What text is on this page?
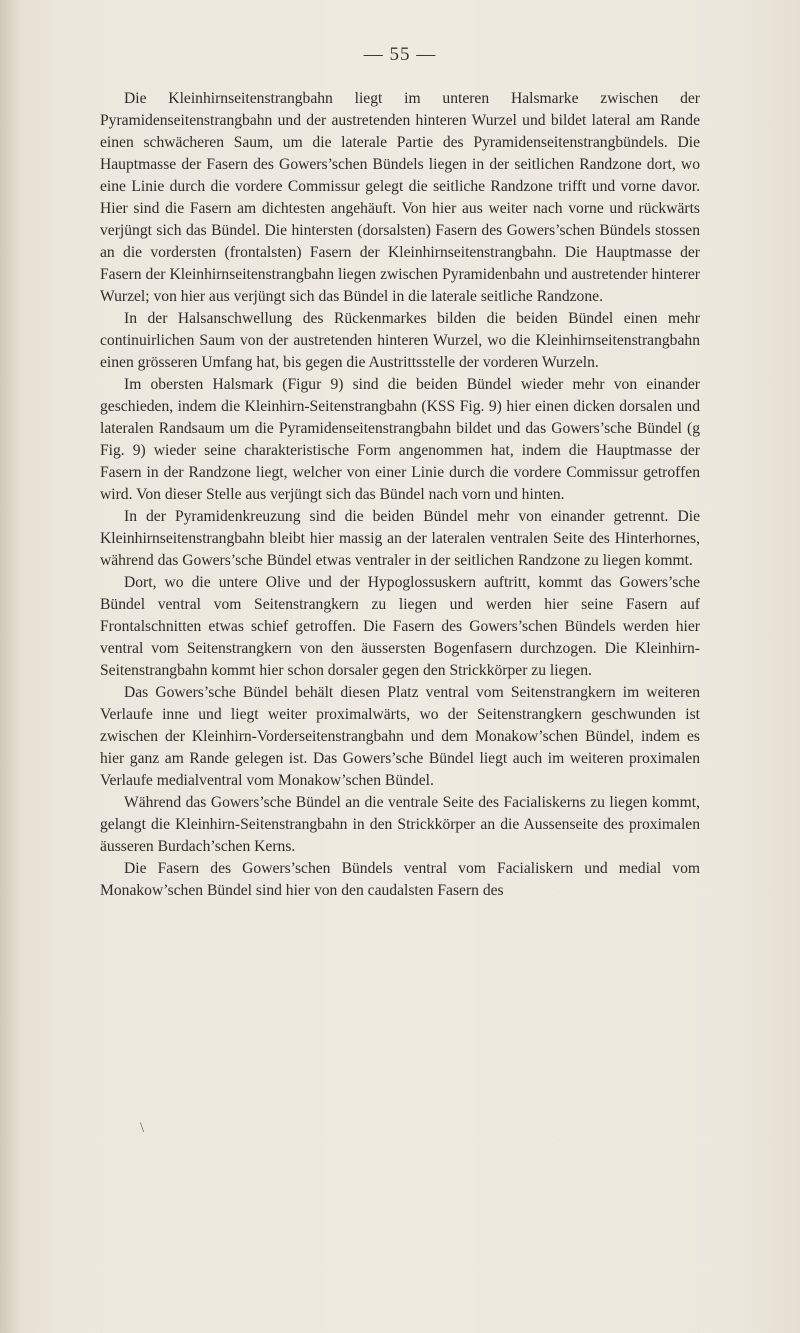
— 55 —

Die Kleinhirnseitenstrangbahn liegt im unteren Halsmarke zwischen der Pyramidenseitenstrangbahn und der austretenden hinteren Wurzel und bildet lateral am Rande einen schwächeren Saum, um die laterale Partie des Pyramidenseitenstrangbündels. Die Hauptmasse der Fasern des Gowers’schen Bündels liegen in der seitlichen Randzone dort, wo eine Linie durch die vordere Commissur gelegt die seitliche Randzone trifft und vorne davor. Hier sind die Fasern am dichtesten angehäuft. Von hier aus weiter nach vorne und rückwärts verjüngt sich das Bündel. Die hintersten (dorsalsten) Fasern des Gowers’schen Bündels stossen an die vordersten (frontalsten) Fasern der Kleinhirnseitenstrangbahn. Die Hauptmasse der Fasern der Kleinhirnseitenstrangbahn liegen zwischen Pyramidenbahn und austretender hinterer Wurzel; von hier aus verjüngt sich das Bündel in die laterale seitliche Randzone.

In der Halsanschwellung des Rückenmarkes bilden die beiden Bündel einen mehr continuirlichen Saum von der austretenden hinteren Wurzel, wo die Kleinhirnseitenstrangbahn einen grösseren Umfang hat, bis gegen die Austrittsstelle der vorderen Wurzeln.

Im obersten Halsmark (Figur 9) sind die beiden Bündel wieder mehr von einander geschieden, indem die Kleinhirn-Seitenstrangbahn (KSS Fig. 9) hier einen dicken dorsalen und lateralen Randsaum um die Pyramidenseitenstrangbahn bildet und das Gowers’sche Bündel (g Fig. 9) wieder seine charakteristische Form angenommen hat, indem die Hauptmasse der Fasern in der Randzone liegt, welcher von einer Linie durch die vordere Commissur getroffen wird. Von dieser Stelle aus verjüngt sich das Bündel nach vorn und hinten.

In der Pyramidenkreuzung sind die beiden Bündel mehr von einander getrennt. Die Kleinhirnseitenstrangbahn bleibt hier massig an der lateralen ventralen Seite des Hinterhornes, während das Gowers’sche Bündel etwas ventraler in der seitlichen Randzone zu liegen kommt.

Dort, wo die untere Olive und der Hypoglossuskern auftritt, kommt das Gowers’sche Bündel ventral vom Seitenstrangkern zu liegen und werden hier seine Fasern auf Frontalschnitten etwas schief getroffen. Die Fasern des Gowers’schen Bündels werden hier ventral vom Seitenstrangkern von den äussersten Bogenfasern durchzogen. Die Kleinhirn-Seitenstrangbahn kommt hier schon dorsaler gegen den Strickkörper zu liegen.

Das Gowers’sche Bündel behält diesen Platz ventral vom Seitenstrangkern im weiteren Verlaufe inne und liegt weiter proximalwärts, wo der Seitenstrangkern geschwunden ist zwischen der Kleinhirn-Vorderseitenstrangbahn und dem Monakow’schen Bündel, indem es hier ganz am Rande gelegen ist. Das Gowers’sche Bündel liegt auch im weiteren proximalen Verlaufe medialventral vom Monakow’schen Bündel.

Während das Gowers’sche Bündel an die ventrale Seite des Facialiskerns zu liegen kommt, gelangt die Kleinhirn-Seitenstrangbahn in den Strickkörper an die Aussenseite des proximalen äusseren Burdach’schen Kerns.

Die Fasern des Gowers’schen Bündels ventral vom Facialiskern und medial vom Monakow’schen Bündel sind hier von den caudalsten Fasern des

\
